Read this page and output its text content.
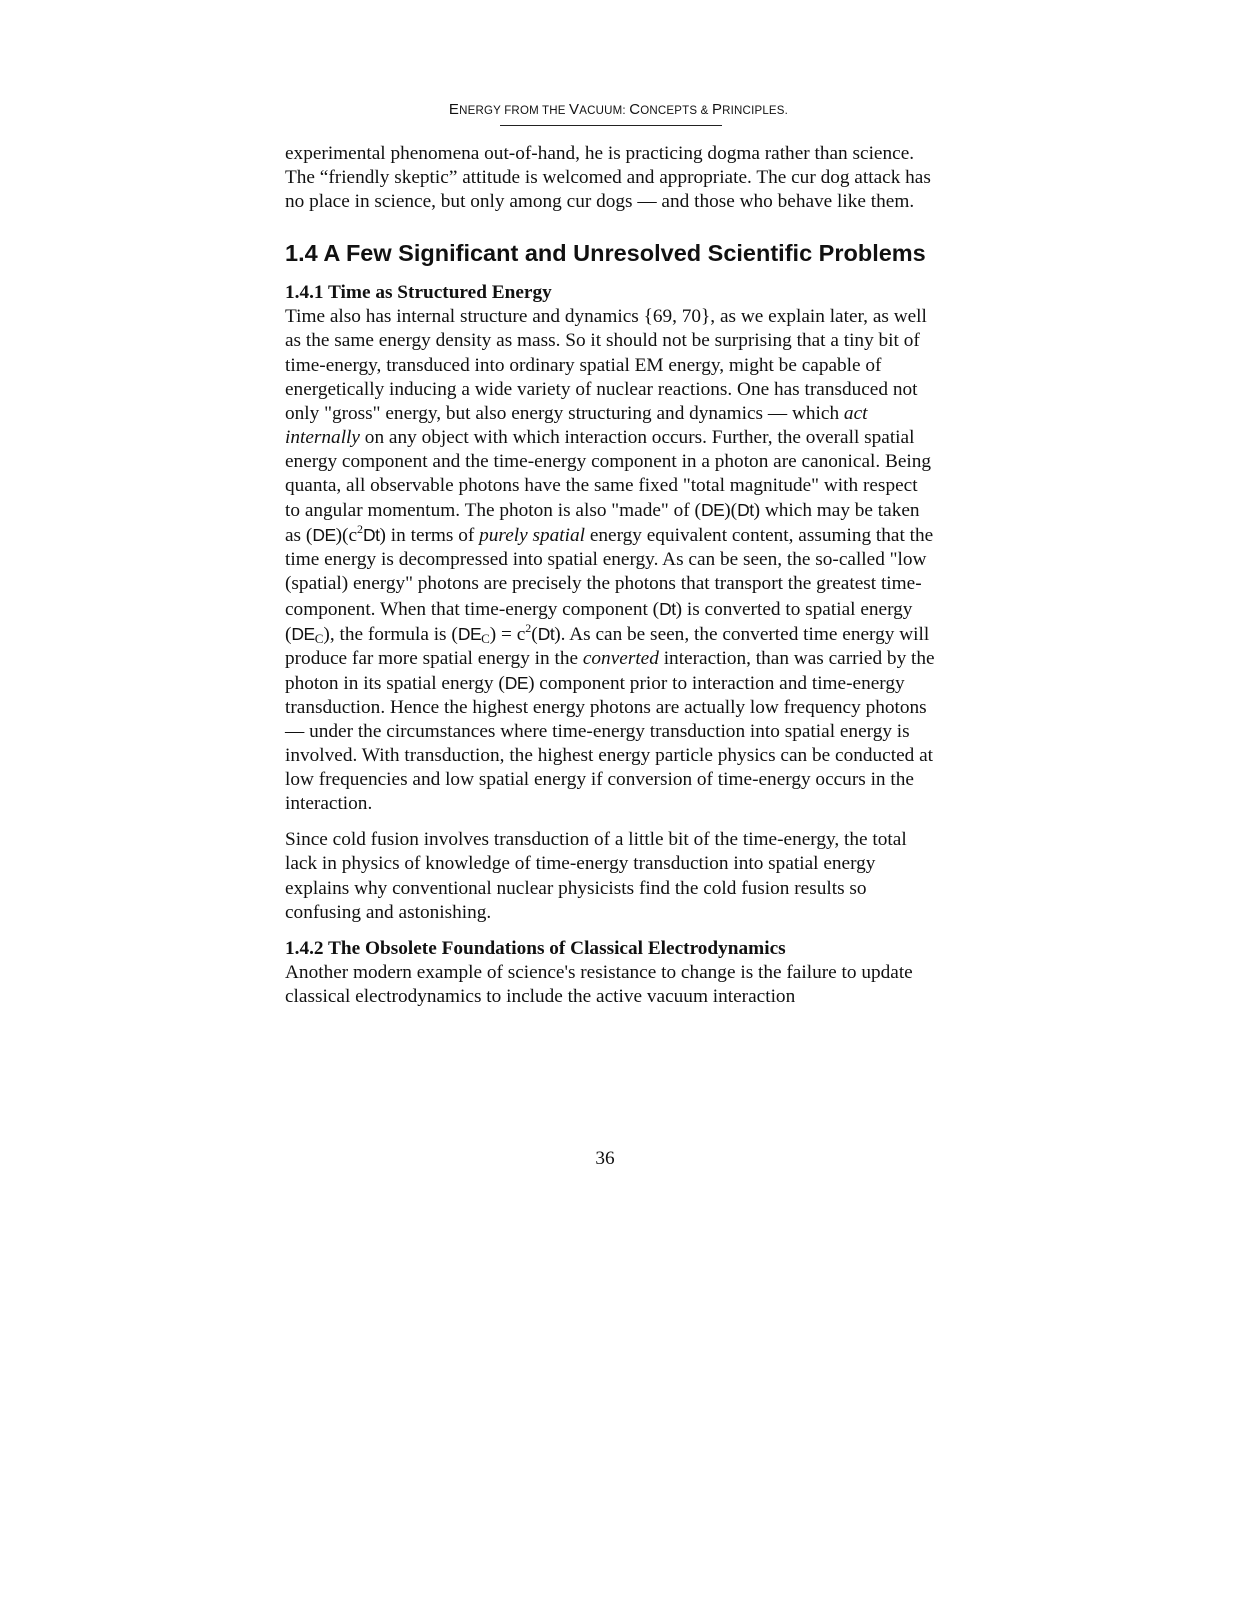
ENERGY FROM THE VACUUM: CONCEPTS & PRINCIPLES.

experimental phenomena out-of-hand, he is practicing dogma rather than science. The “friendly skeptic” attitude is welcomed and appropriate. The cur dog attack has no place in science, but only among cur dogs — and those who behave like them.

1.4 A Few Significant and Unresolved Scientific Problems
1.4.1 Time as Structured Energy

Time also has internal structure and dynamics {69, 70}, as we explain later, as well as the same energy density as mass. So it should not be surprising that a tiny bit of time-energy, transduced into ordinary spatial EM energy, might be capable of energetically inducing a wide variety of nuclear reactions. One has transduced not only "gross" energy, but also energy structuring and dynamics — which act internally on any object with which interaction occurs. Further, the overall spatial energy component and the time-energy component in a photon are canonical. Being quanta, all observable photons have the same fixed "total magnitude" with respect to angular momentum. The photon is also "made" of (DE)(Dt) which may be taken as $(DE)(c^2Dt)$ in terms of purely spatial energy equivalent content, assuming that the time energy is decompressed into spatial energy. As can be seen, the so-called "low (spatial) energy" photons are precisely the photons that transport the greatest time-component. When that time-energy component (Dt) is converted to spatial energy $(DE_C)$, the formula is $(DE_C) = c^2(Dt)$. As can be seen, the converted time energy will produce far more spatial energy in the converted interaction, than was carried by the photon in its spatial energy (DE) component prior to interaction and time-energy transduction. Hence the highest energy photons are actually low frequency photons — under the circumstances where time-energy transduction into spatial energy is involved. With transduction, the highest energy particle physics can be conducted at low frequencies and low spatial energy if conversion of time-energy occurs in the interaction.

Since cold fusion involves transduction of a little bit of the time-energy, the total lack in physics of knowledge of time-energy transduction into spatial energy explains why conventional nuclear physicists find the cold fusion results so confusing and astonishing.

1.4.2 The Obsolete Foundations of Classical Electrodynamics

Another modern example of science's resistance to change is the failure to update classical electrodynamics to include the active vacuum interaction

36
